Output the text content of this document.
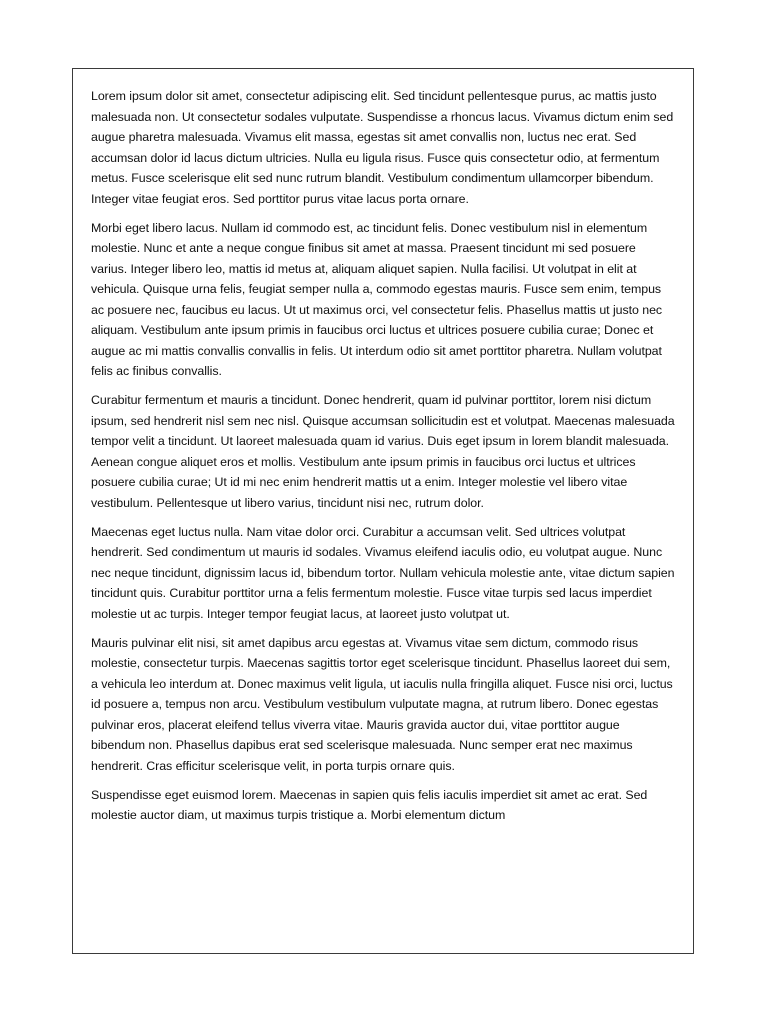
Lorem ipsum dolor sit amet, consectetur adipiscing elit. Sed tincidunt pellentesque purus, ac mattis justo malesuada non. Ut consectetur sodales vulputate. Suspendisse a rhoncus lacus. Vivamus dictum enim sed augue pharetra malesuada. Vivamus elit massa, egestas sit amet convallis non, luctus nec erat. Sed accumsan dolor id lacus dictum ultricies. Nulla eu ligula risus. Fusce quis consectetur odio, at fermentum metus. Fusce scelerisque elit sed nunc rutrum blandit. Vestibulum condimentum ullamcorper bibendum. Integer vitae feugiat eros. Sed porttitor purus vitae lacus porta ornare.

Morbi eget libero lacus. Nullam id commodo est, ac tincidunt felis. Donec vestibulum nisl in elementum molestie. Nunc et ante a neque congue finibus sit amet at massa. Praesent tincidunt mi sed posuere varius. Integer libero leo, mattis id metus at, aliquam aliquet sapien. Nulla facilisi. Ut volutpat in elit at vehicula. Quisque urna felis, feugiat semper nulla a, commodo egestas mauris. Fusce sem enim, tempus ac posuere nec, faucibus eu lacus. Ut ut maximus orci, vel consectetur felis. Phasellus mattis ut justo nec aliquam. Vestibulum ante ipsum primis in faucibus orci luctus et ultrices posuere cubilia curae; Donec et augue ac mi mattis convallis convallis in felis. Ut interdum odio sit amet porttitor pharetra. Nullam volutpat felis ac finibus convallis.

Curabitur fermentum et mauris a tincidunt. Donec hendrerit, quam id pulvinar porttitor, lorem nisi dictum ipsum, sed hendrerit nisl sem nec nisl. Quisque accumsan sollicitudin est et volutpat. Maecenas malesuada tempor velit a tincidunt. Ut laoreet malesuada quam id varius. Duis eget ipsum in lorem blandit malesuada. Aenean congue aliquet eros et mollis. Vestibulum ante ipsum primis in faucibus orci luctus et ultrices posuere cubilia curae; Ut id mi nec enim hendrerit mattis ut a enim. Integer molestie vel libero vitae vestibulum. Pellentesque ut libero varius, tincidunt nisi nec, rutrum dolor.

Maecenas eget luctus nulla. Nam vitae dolor orci. Curabitur a accumsan velit. Sed ultrices volutpat hendrerit. Sed condimentum ut mauris id sodales. Vivamus eleifend iaculis odio, eu volutpat augue. Nunc nec neque tincidunt, dignissim lacus id, bibendum tortor. Nullam vehicula molestie ante, vitae dictum sapien tincidunt quis. Curabitur porttitor urna a felis fermentum molestie. Fusce vitae turpis sed lacus imperdiet molestie ut ac turpis. Integer tempor feugiat lacus, at laoreet justo volutpat ut.

Mauris pulvinar elit nisi, sit amet dapibus arcu egestas at. Vivamus vitae sem dictum, commodo risus molestie, consectetur turpis. Maecenas sagittis tortor eget scelerisque tincidunt. Phasellus laoreet dui sem, a vehicula leo interdum at. Donec maximus velit ligula, ut iaculis nulla fringilla aliquet. Fusce nisi orci, luctus id posuere a, tempus non arcu. Vestibulum vestibulum vulputate magna, at rutrum libero. Donec egestas pulvinar eros, placerat eleifend tellus viverra vitae. Mauris gravida auctor dui, vitae porttitor augue bibendum non. Phasellus dapibus erat sed scelerisque malesuada. Nunc semper erat nec maximus hendrerit. Cras efficitur scelerisque velit, in porta turpis ornare quis.

Suspendisse eget euismod lorem. Maecenas in sapien quis felis iaculis imperdiet sit amet ac erat. Sed molestie auctor diam, ut maximus turpis tristique a. Morbi elementum dictum
